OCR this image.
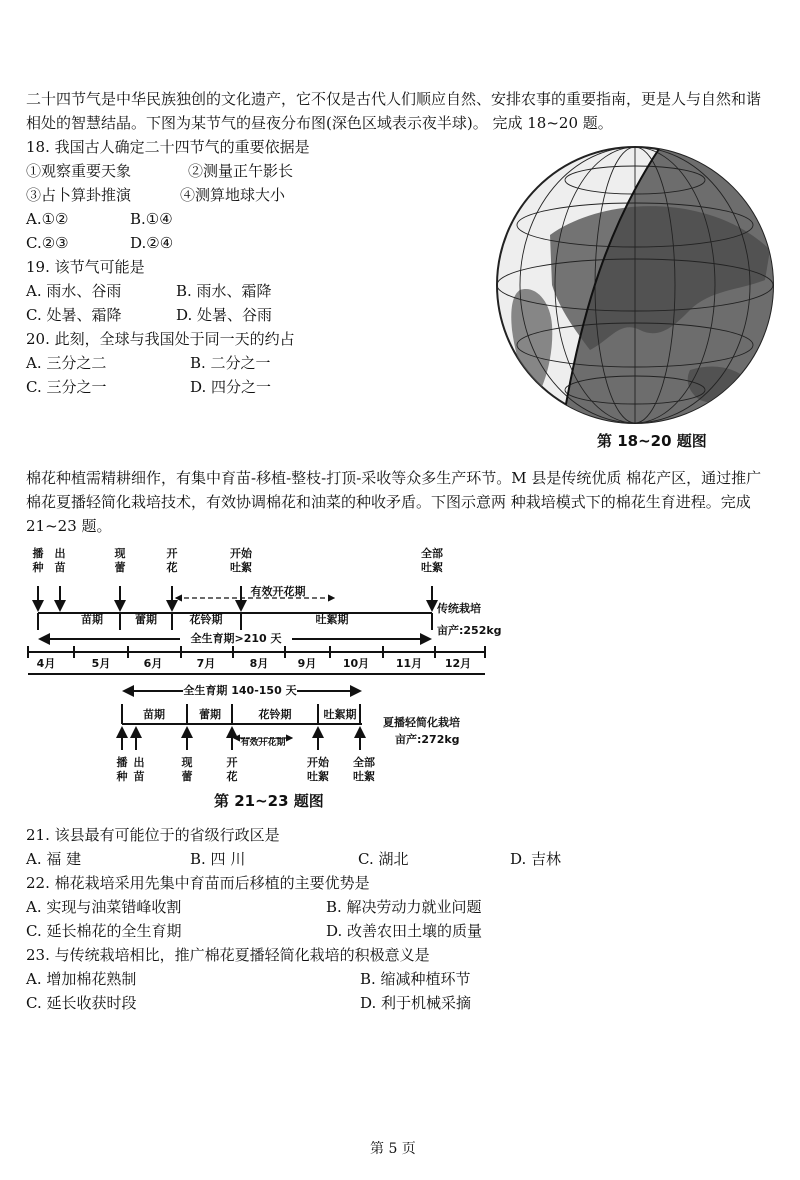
二十四节气是中华民族独创的文化遗产，它不仅是古代人们顺应自然、安排农事的重要指南，更是人与自然和谐相处的智慧结晶。下图为某节气的昼夜分布图(深色区域表示夜半球)。 完成 18~20 题。
18. 我国古人确定二十四节气的重要依据是
①观察重要天象	②测量正午影长
③占卜算卦推演	④测算地球大小
A.①②	B.①④
C.②③	D.②④
19. 该节气可能是
A. 雨水、谷雨	B. 雨水、霜降
C. 处暑、霜降	D. 处暑、谷雨
20. 此刻，全球与我国处于同一天的约占
A. 三分之二	B. 二分之一
C. 三分之一	D. 四分之一
第 18~20 题图
棉花种植需精耕细作，有集中育苗-移植-整枝-打顶-采收等众多生产环节。M 县是传统优质 棉花产区，通过推广棉花夏播轻简化栽培技术，有效协调棉花和油菜的种收矛盾。下图示意两 种栽培模式下的棉花生育进程。完成 21~23 题。
播
种
出
苗
现
蕾
开
花
开始
吐絮
全部
吐絮
有效开花期
苗期	蕾期	花铃期	吐絮期
全生育期>210 天
传统栽培
亩产:252kg
4月	5月	6月	7月	8月	9月 10月 11月 12月
全生育期 140-150 天
苗期	蕾期	花铃期	吐絮期
有效开花期
夏播轻简化栽培
亩产:272kg
播
种
出
苗
现
蕾
开
花
开始
吐絮
全部
吐絮
第 21~23 题图
21. 该县最有可能位于的省级行政区是
A. 福 建	B. 四 川	C. 湖北	D. 吉林
22. 棉花栽培采用先集中育苗而后移植的主要优势是
A. 实现与油菜错峰收割	B. 解决劳动力就业问题
C. 延长棉花的全生育期	D. 改善农田土壤的质量
23. 与传统栽培相比，推广棉花夏播轻简化栽培的积极意义是
A. 增加棉花熟制	B. 缩减种植环节
C. 延长收获时段	D. 利于机械采摘
第 5 页
